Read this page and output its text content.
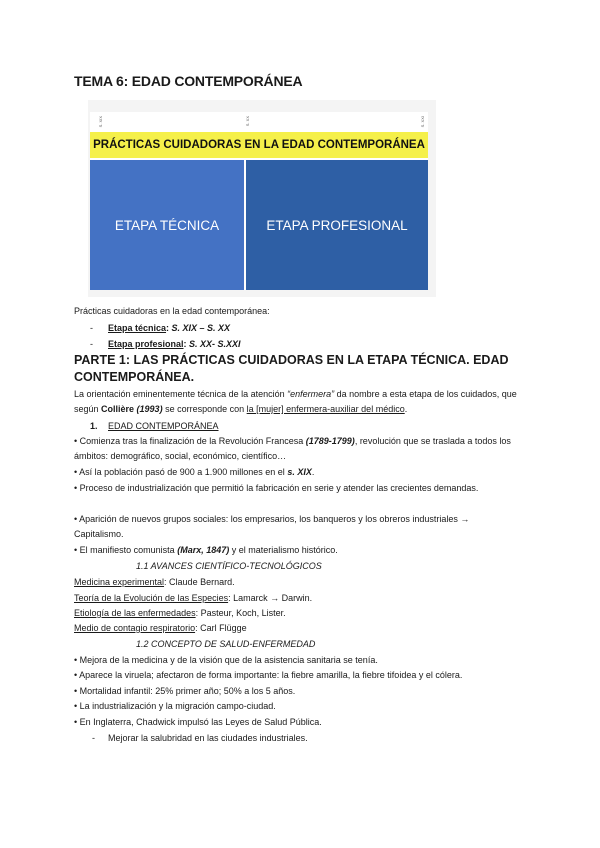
TEMA 6: EDAD CONTEMPORÁNEA
S. XIX	S. XX	S. XXI
PRÁCTICAS CUIDADORAS EN LA EDAD CONTEMPORÁNEA
ETAPA TÉCNICA	ETAPA PROFESIONAL
Prácticas cuidadoras en la edad contemporánea:
- Etapa técnica: S. XIX – S. XX
- Etapa profesional: S. XX- S.XXI
PARTE 1: LAS PRÁCTICAS CUIDADORAS EN LA ETAPA TÉCNICA. EDAD CONTEMPORÁNEA.
La orientación eminentemente técnica de la atención “enfermera” da nombre a esta etapa de los cuidados, que según Collière (1993) se corresponde con la [mujer] enfermera-auxiliar del médico.
1. EDAD CONTEMPORÁNEA
• Comienza tras la finalización de la Revolución Francesa (1789-1799), revolución que se traslada a todos los ámbitos: demográfico, social, económico, científico…
• Así la población pasó de 900 a 1.900 millones en el s. XIX.
• Proceso de industrialización que permitió la fabricación en serie y atender las crecientes demandas.
• Aparición de nuevos grupos sociales: los empresarios, los banqueros y los obreros industriales → Capitalismo.
• El manifiesto comunista (Marx, 1847) y el materialismo histórico.
1.1 AVANCES CIENTÍFICO-TECNOLÓGICOS
Medicina experimental: Claude Bernard.
Teoría de la Evolución de las Especies: Lamarck → Darwin.
Etiología de las enfermedades: Pasteur, Koch, Lister.
Medio de contagio respiratorio: Carl Flügge
1.2 CONCEPTO DE SALUD-ENFERMEDAD
• Mejora de la medicina y de la visión que de la asistencia sanitaria se tenía.
• Aparece la viruela; afectaron de forma importante: la fiebre amarilla, la fiebre tifoidea y el cólera.
• Mortalidad infantil: 25% primer año; 50% a los 5 años.
• La industrialización y la migración campo-ciudad.
• En Inglaterra, Chadwick impulsó las Leyes de Salud Pública.
- Mejorar la salubridad en las ciudades industriales.
